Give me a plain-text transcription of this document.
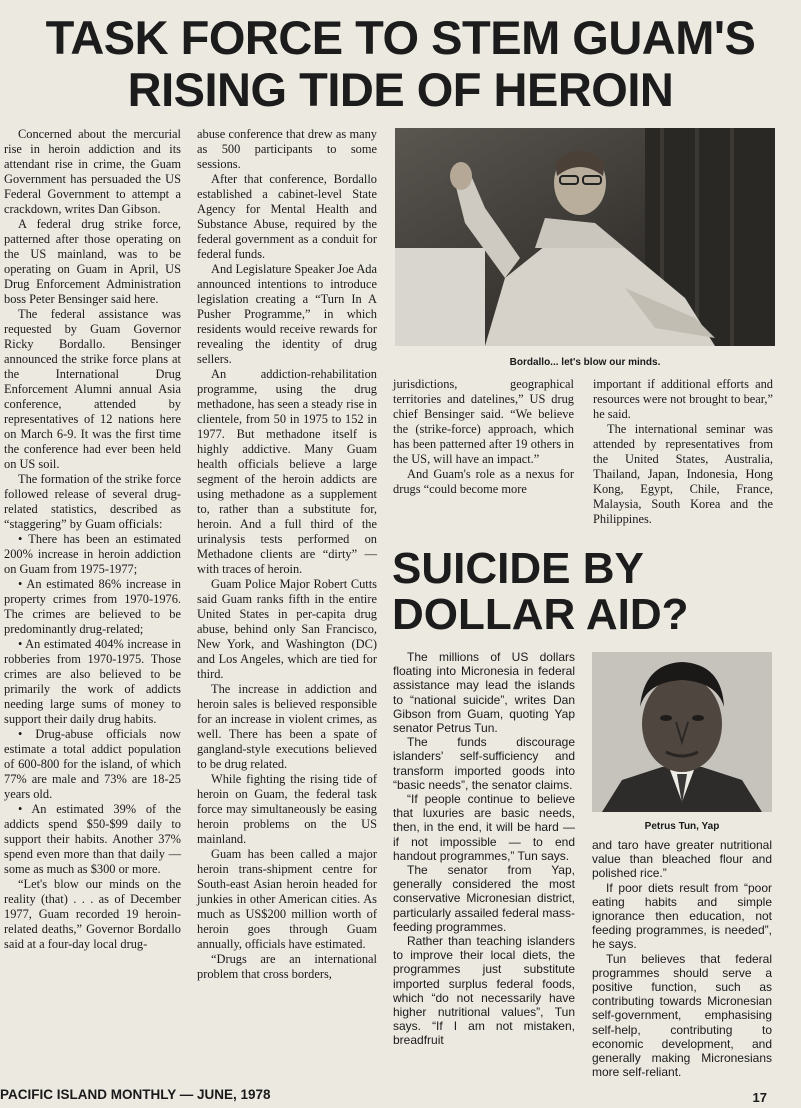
TASK FORCE TO STEM GUAM'S
RISING TIDE OF HEROIN

Concerned about the mercurial rise in heroin addiction and its attendant rise in crime, the Guam Government has persuaded the US Federal Government to attempt a crackdown, writes Dan Gibson.

A federal drug strike force, patterned after those operating on the US mainland, was to be operating on Guam in April, US Drug Enforcement Administration boss Peter Bensinger said here.

The federal assistance was requested by Guam Governor Ricky Bordallo. Bensinger announced the strike force plans at the International Drug Enforcement Alumni annual Asia conference, attended by representatives of 12 nations here on March 6-9. It was the first time the conference had ever been held on US soil.

The formation of the strike force followed release of several drug-related statistics, described as “staggering” by Guam officials:

• There has been an estimated 200% increase in heroin addiction on Guam from 1975-1977;

• An estimated 86% increase in property crimes from 1970-1976. The crimes are believed to be predominantly drug-related;

• An estimated 404% increase in robberies from 1970-1975. Those crimes are also believed to be primarily the work of addicts needing large sums of money to support their daily drug habits.

• Drug-abuse officials now estimate a total addict population of 600-800 for the island, of which 77% are male and 73% are 18-25 years old.

• An estimated 39% of the addicts spend $50-$99 daily to support their habits. Another 37% spend even more than that daily — some as much as $300 or more.

“Let's blow our minds on the reality (that) . . . as of December 1977, Guam recorded 19 heroin-related deaths,” Governor Bordallo said at a four-day local drug-

abuse conference that drew as many as 500 participants to some sessions.

After that conference, Bordallo established a cabinet-level State Agency for Mental Health and Substance Abuse, required by the federal government as a conduit for federal funds.

And Legislature Speaker Joe Ada announced intentions to introduce legislation creating a “Turn In A Pusher Programme,” in which residents would receive rewards for revealing the identity of drug sellers.

An addiction-rehabilitation programme, using the drug methadone, has seen a steady rise in clientele, from 50 in 1975 to 152 in 1977. But methadone itself is highly addictive. Many Guam health officials believe a large segment of the heroin addicts are using methadone as a supplement to, rather than a substitute for, heroin. And a full third of the urinalysis tests performed on Methadone clients are “dirty” — with traces of heroin.

Guam Police Major Robert Cutts said Guam ranks fifth in the entire United States in per-capita drug abuse, behind only San Francisco, New York, and Washington (DC) and Los Angeles, which are tied for third.

The increase in addiction and heroin sales is believed responsible for an increase in violent crimes, as well. There has been a spate of gangland-style executions believed to be drug related.

While fighting the rising tide of heroin on Guam, the federal task force may simultaneously be easing heroin problems on the US mainland.

Guam has been called a major heroin trans-shipment centre for South-east Asian heroin headed for junkies in other American cities. As much as US$200 million worth of heroin goes through Guam annually, officials have estimated.

“Drugs are an international problem that cross borders,

Bordallo... let's blow our minds.

jurisdictions, geographical territories and datelines,” US drug chief Bensinger said. “We believe the (strike-force) approach, which has been patterned after 19 others in the US, will have an impact.”

And Guam's role as a nexus for drugs “could become more

important if additional efforts and resources were not brought to bear,” he said.

The international seminar was attended by representatives from the United States, Australia, Thailand, Japan, Indonesia, Hong Kong, Egypt, Chile, France, Malaysia, South Korea and the Philippines.

SUICIDE BY
DOLLAR AID?

The millions of US dollars floating into Micronesia in federal assistance may lead the islands to “national suicide”, writes Dan Gibson from Guam, quoting Yap senator Petrus Tun.

The funds discourage islanders' self-sufficiency and transform imported goods into “basic needs”, the senator claims.

“If people continue to believe that luxuries are basic needs, then, in the end, it will be hard — if not impossible — to end handout programmes,” Tun says.

The senator from Yap, generally considered the most conservative Micronesian district, particularly assailed federal mass-feeding programmes.

Rather than teaching islanders to improve their local diets, the programmes just substitute imported surplus federal foods, which “do not necessarily have higher nutritional values”, Tun says. “If I am not mistaken, breadfruit

Petrus Tun, Yap

and taro have greater nutritional value than bleached flour and polished rice.”

If poor diets result from “poor eating habits and simple ignorance then education, not feeding programmes, is needed”, he says.

Tun believes that federal programmes should serve a positive function, such as contributing towards Micronesian self-government, emphasising self-help, contributing to economic development, and generally making Micronesians more self-reliant.

PACIFIC ISLAND MONTHLY — JUNE, 1978	17
